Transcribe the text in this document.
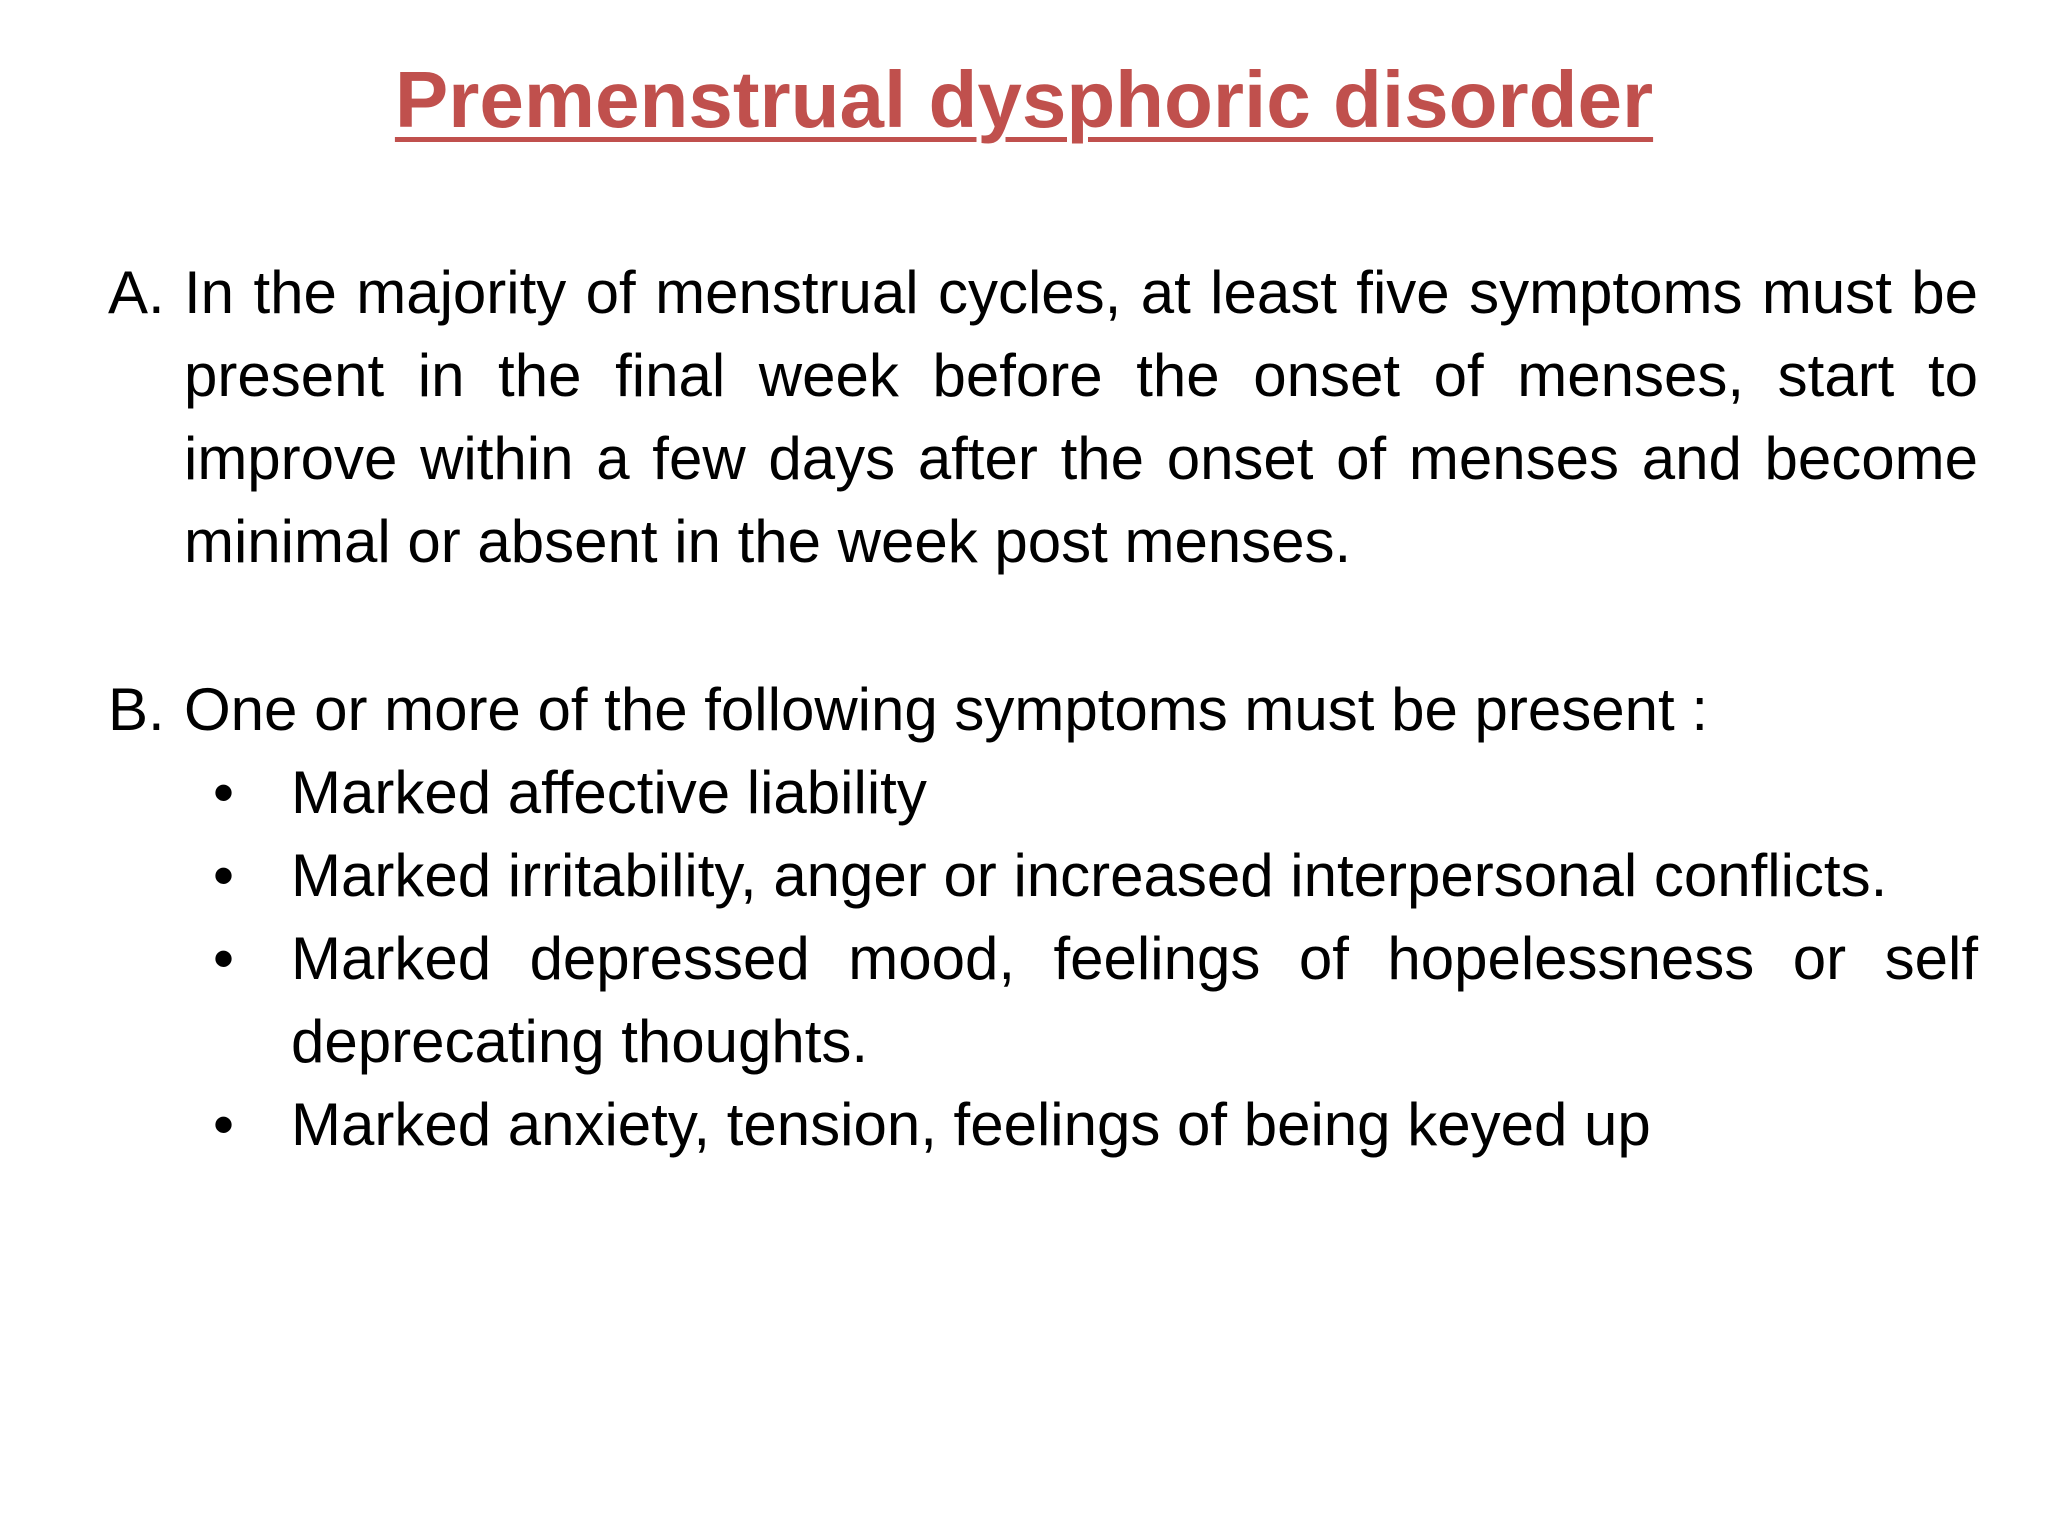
Premenstrual dysphoric disorder
A. In the majority of menstrual cycles, at least five symptoms must be present in the final week before the onset of menses, start to improve within a few days after the onset of menses and become minimal or absent in the week post menses.
B. One or more of the following symptoms must be present :
• Marked affective liability
• Marked irritability, anger or increased interpersonal conflicts.
• Marked depressed mood, feelings of hopelessness or self deprecating thoughts.
• Marked anxiety, tension, feelings of being keyed up
